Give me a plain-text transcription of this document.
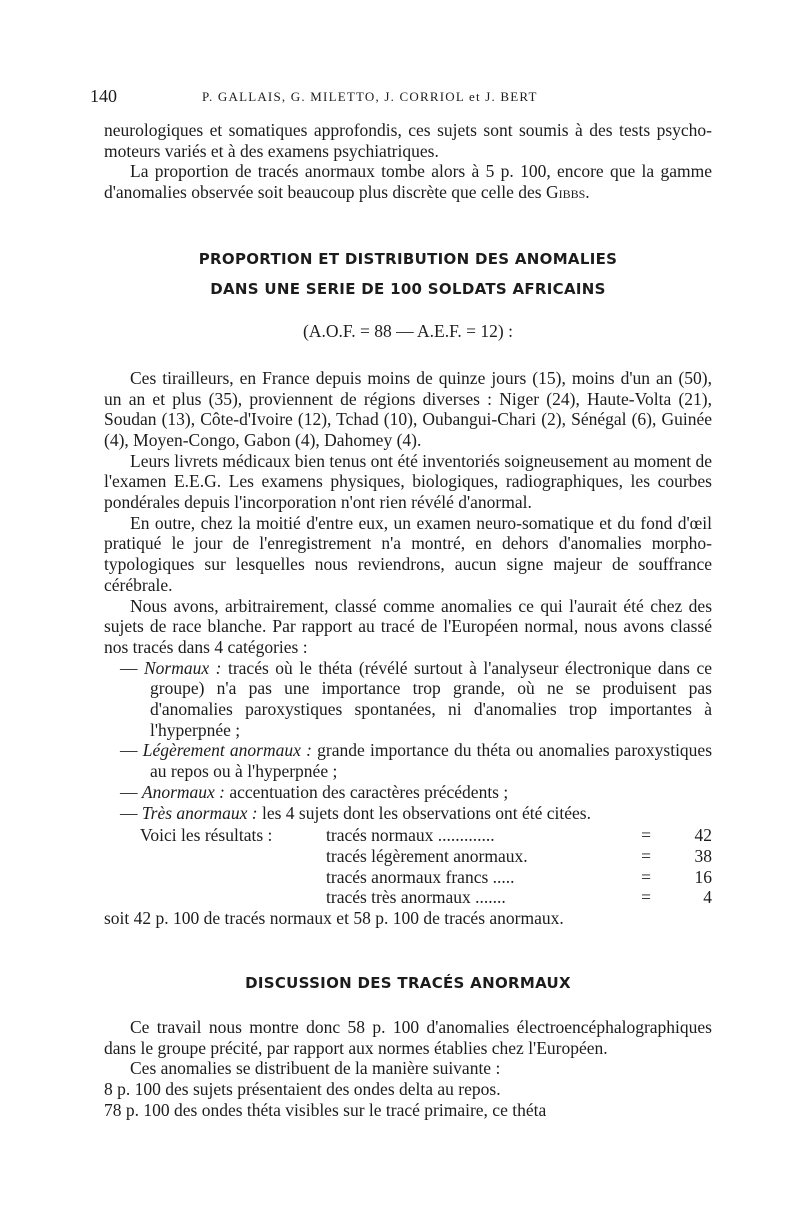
140	P. GALLAIS, G. MILETTO, J. CORRIOL et J. BERT

neurologiques et somatiques approfondis, ces sujets sont soumis à des tests psycho-moteurs variés et à des examens psychiatriques.

La proportion de tracés anormaux tombe alors à 5 p. 100, encore que la gamme d'anomalies observée soit beaucoup plus discrète que celle des Gibbs.

PROPORTION ET DISTRIBUTION DES ANOMALIES
DANS UNE SERIE DE 100 SOLDATS AFRICAINS
(A.O.F. = 88 — A.E.F. = 12) :

Ces tirailleurs, en France depuis moins de quinze jours (15), moins d'un an (50), un an et plus (35), proviennent de régions diverses : Niger (24), Haute-Volta (21), Soudan (13), Côte-d'Ivoire (12), Tchad (10), Oubangui-Chari (2), Sénégal (6), Guinée (4), Moyen-Congo, Gabon (4), Dahomey (4).

Leurs livrets médicaux bien tenus ont été inventoriés soigneusement au moment de l'examen E.E.G. Les examens physiques, biologiques, radiographiques, les courbes pondérales depuis l'incorporation n'ont rien révélé d'anormal.

En outre, chez la moitié d'entre eux, un examen neuro-somatique et du fond d'œil pratiqué le jour de l'enregistrement n'a montré, en dehors d'anomalies morpho-typologiques sur lesquelles nous reviendrons, aucun signe majeur de souffrance cérébrale.

Nous avons, arbitrairement, classé comme anomalies ce qui l'aurait été chez des sujets de race blanche. Par rapport au tracé de l'Européen normal, nous avons classé nos tracés dans 4 catégories :

— Normaux : tracés où le théta (révélé surtout à l'analyseur électronique dans ce groupe) n'a pas une importance trop grande, où ne se produisent pas d'anomalies paroxystiques spontanées, ni d'anomalies trop importantes à l'hyperpnée ;

— Légèrement anormaux : grande importance du théta ou anomalies paroxystiques au repos ou à l'hyperpnée ;

— Anormaux : accentuation des caractères précédents ;

— Très anormaux : les 4 sujets dont les observations ont été citées.

Voici les résultats :	tracés normaux .............	=	42
tracés légèrement anormaux.	=	38
tracés anormaux francs .....	=	16
tracés très anormaux .......	=	4

soit 42 p. 100 de tracés normaux et 58 p. 100 de tracés anormaux.

DISCUSSION DES TRACÉS ANORMAUX

Ce travail nous montre donc 58 p. 100 d'anomalies électroencéphalographiques dans le groupe précité, par rapport aux normes établies chez l'Européen.

Ces anomalies se distribuent de la manière suivante :

8 p. 100 des sujets présentaient des ondes delta au repos.

78 p. 100 des ondes théta visibles sur le tracé primaire, ce théta
